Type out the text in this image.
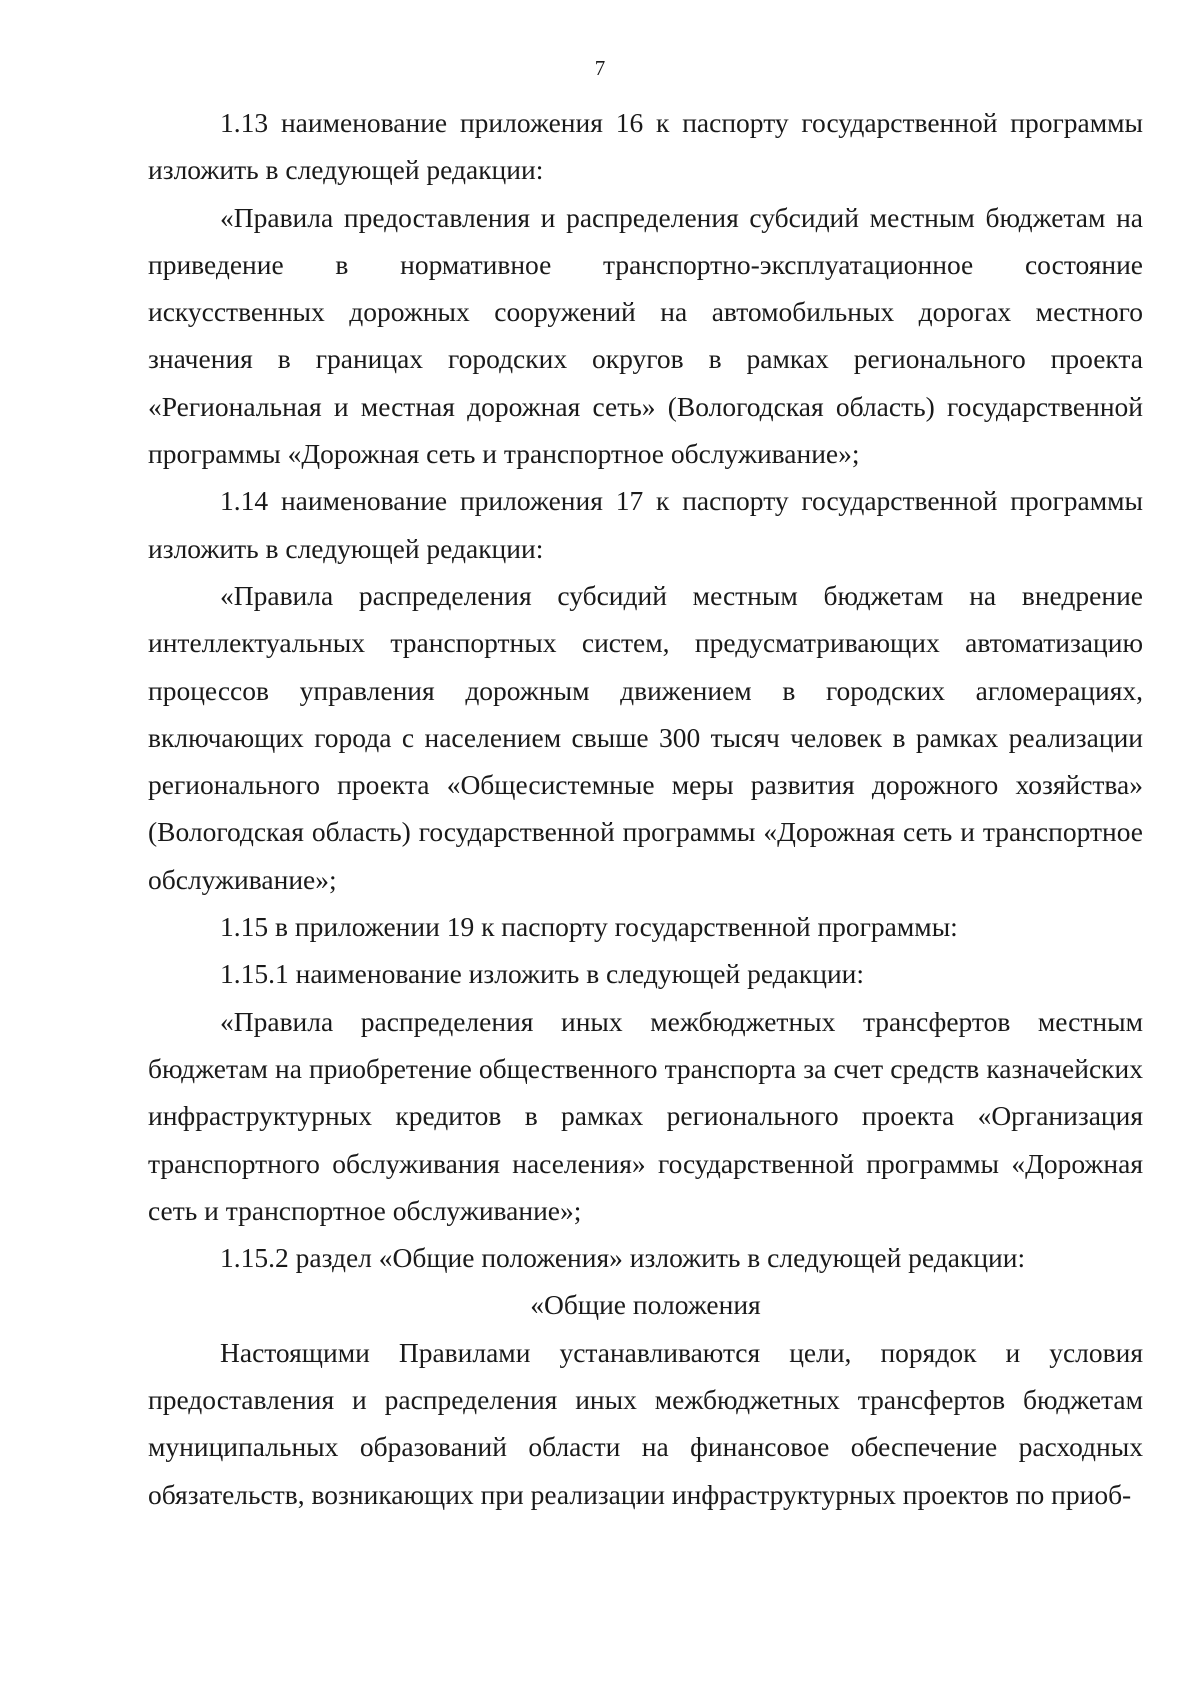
7

1.13 наименование приложения 16 к паспорту государственной программы изложить в следующей редакции:

«Правила предоставления и распределения субсидий местным бюджетам на приведение в нормативное транспортно-эксплуатационное состояние искусственных дорожных сооружений на автомобильных дорогах местного значения в границах городских округов в рамках регионального проекта «Региональная и местная дорожная сеть» (Вологодская область) государственной программы «Дорожная сеть и транспортное обслуживание»;

1.14 наименование приложения 17 к паспорту государственной программы изложить в следующей редакции:

«Правила распределения субсидий местным бюджетам на внедрение интеллектуальных транспортных систем, предусматривающих автоматизацию процессов управления дорожным движением в городских агломерациях, включающих города с населением свыше 300 тысяч человек в рамках реализации регионального проекта «Общесистемные меры развития дорожного хозяйства» (Вологодская область) государственной программы «Дорожная сеть и транспортное обслуживание»;

1.15 в приложении 19 к паспорту государственной программы:

1.15.1 наименование изложить в следующей редакции:

«Правила распределения иных межбюджетных трансфертов местным бюджетам на приобретение общественного транспорта за счет средств казначейских инфраструктурных кредитов в рамках регионального проекта «Организация транспортного обслуживания населения» государственной программы «Дорожная сеть и транспортное обслуживание»;

1.15.2 раздел «Общие положения» изложить в следующей редакции:

«Общие положения

Настоящими Правилами устанавливаются цели, порядок и условия предоставления и распределения иных межбюджетных трансфертов бюджетам муниципальных образований области на финансовое обеспечение расходных обязательств, возникающих при реализации инфраструктурных проектов по приоб-
